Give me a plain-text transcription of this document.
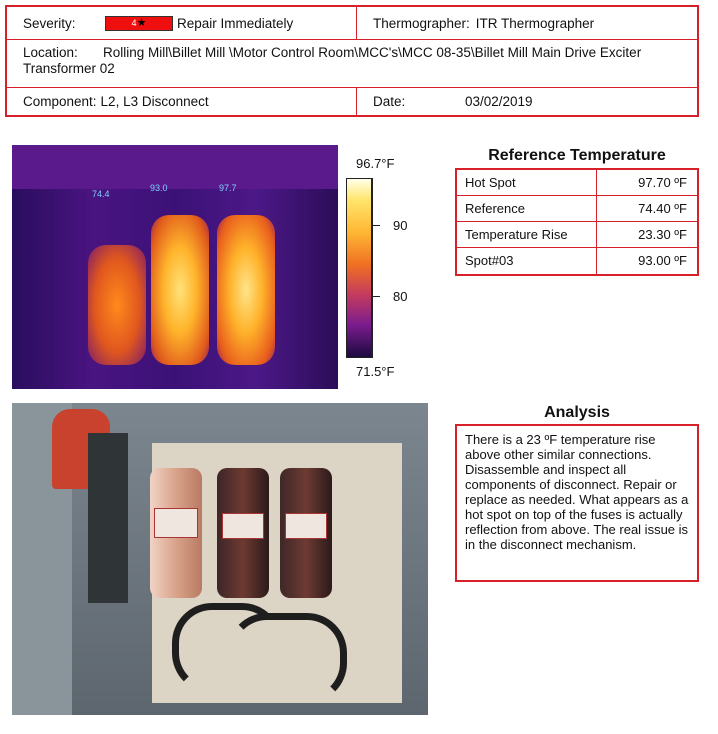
Severity:	4★	Repair Immediately	Thermographer: ITR Thermographer
Location: Rolling Mill\Billet Mill \Motor Control Room\MCC's\MCC 08-35\Billet Mill Main Drive Exciter Transformer 02
Component: L2, L3 Disconnect	Date:	03/02/2019
74.4
93.0	97.7
96.7°F
90
80
71.5°F
Reference Temperature
Hot Spot	97.70 ºF
Reference	74.40 ºF
Temperature Rise	23.30 ºF
Spot#03	93.00 ºF
Analysis
There is a 23 ºF temperature rise above other similar connections. Disassemble and inspect all components of disconnect. Repair or replace as needed. What appears as a hot spot on top of the fuses is actually reflection from above. The real issue is in the disconnect mechanism.
